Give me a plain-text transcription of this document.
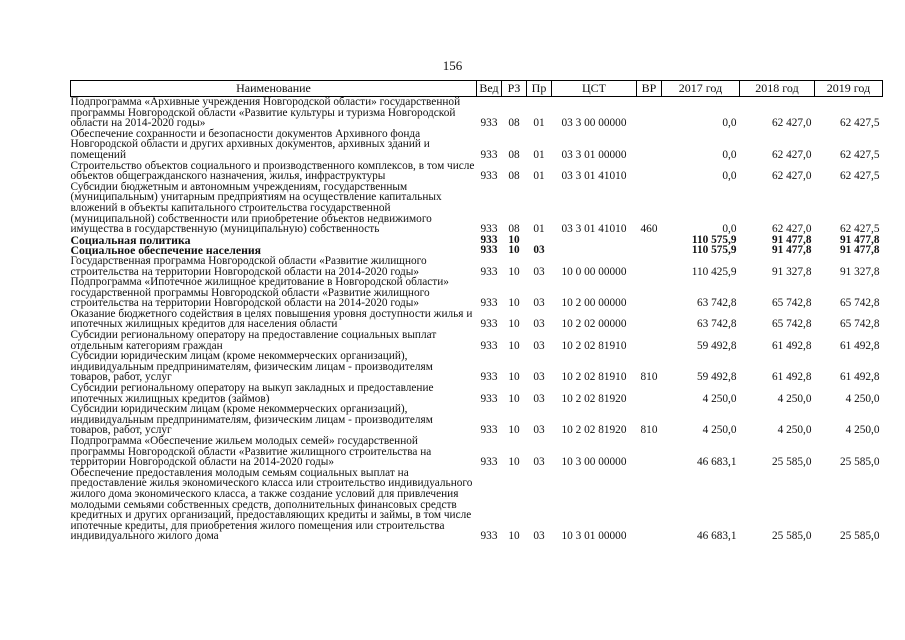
156
Наименование	Вед	РЗ	Пр	ЦСТ	ВР	2017 год	2018 год	2019 год
Подпрограмма «Архивные учреждения Новгородской области» государственной программы Новгородской области «Развитие культуры и туризма Новгородской области на 2014-2020 годы»	933	08	01	03 3 00 00000		0,0	62 427,0	62 427,5
Обеспечение сохранности и безопасности документов Архивного фонда Новгородской области и других архивных документов, архивных зданий и помещений	933	08	01	03 3 01 00000		0,0	62 427,0	62 427,5
Строительство объектов социального и производственного комплексов, в том числе объектов общегражданского назначения, жилья, инфраструктуры	933	08	01	03 3 01 41010		0,0	62 427,0	62 427,5
Субсидии бюджетным и автономным учреждениям, государственным (муниципальным) унитарным предприятиям на осуществление капитальных вложений в объекты капитального строительства государственной (муниципальной) собственности или приобретение объектов недвижимого имущества в государственную (муниципальную) собственность	933	08	01	03 3 01 41010	460	0,0	62 427,0	62 427,5
Социальная политика	933	10				110 575,9	91 477,8	91 477,8
Социальное обеспечение населения	933	10	03			110 575,9	91 477,8	91 477,8
Государственная программа Новгородской области «Развитие жилищного строительства на территории Новгородской области на 2014-2020 годы»	933	10	03	10 0 00 00000		110 425,9	91 327,8	91 327,8
Подпрограмма «Ипотечное жилищное кредитование в Новгородской области» государственной программы Новгородской области «Развитие жилищного строительства на территории Новгородской области на 2014-2020 годы»	933	10	03	10 2 00 00000		63 742,8	65 742,8	65 742,8
Оказание бюджетного содействия в целях повышения уровня доступности жилья и ипотечных жилищных кредитов для населения области	933	10	03	10 2 02 00000		63 742,8	65 742,8	65 742,8
Субсидии региональному оператору на предоставление социальных выплат отдельным категориям граждан	933	10	03	10 2 02 81910		59 492,8	61 492,8	61 492,8
Субсидии юридическим лицам (кроме некоммерческих организаций), индивидуальным предпринимателям, физическим лицам - производителям товаров, работ, услуг	933	10	03	10 2 02 81910	810	59 492,8	61 492,8	61 492,8
Субсидии региональному оператору на выкуп закладных и предоставление ипотечных жилищных кредитов (займов)	933	10	03	10 2 02 81920		4 250,0	4 250,0	4 250,0
Субсидии юридическим лицам (кроме некоммерческих организаций), индивидуальным предпринимателям, физическим лицам - производителям товаров, работ, услуг	933	10	03	10 2 02 81920	810	4 250,0	4 250,0	4 250,0
Подпрограмма «Обеспечение жильем молодых семей» государственной программы Новгородской области «Развитие жилищного строительства на территории Новгородской области на 2014-2020 годы»	933	10	03	10 3 00 00000		46 683,1	25 585,0	25 585,0
Обеспечение предоставления молодым семьям социальных выплат на предоставление жилья экономического класса или строительство индивидуального жилого дома экономического класса, а также создание условий для привлечения молодыми семьями собственных средств, дополнительных финансовых средств кредитных и других организаций, предоставляющих кредиты и займы, в том числе ипотечные кредиты, для приобретения жилого помещения или строительства индивидуального жилого дома	933	10	03	10 3 01 00000		46 683,1	25 585,0	25 585,0
